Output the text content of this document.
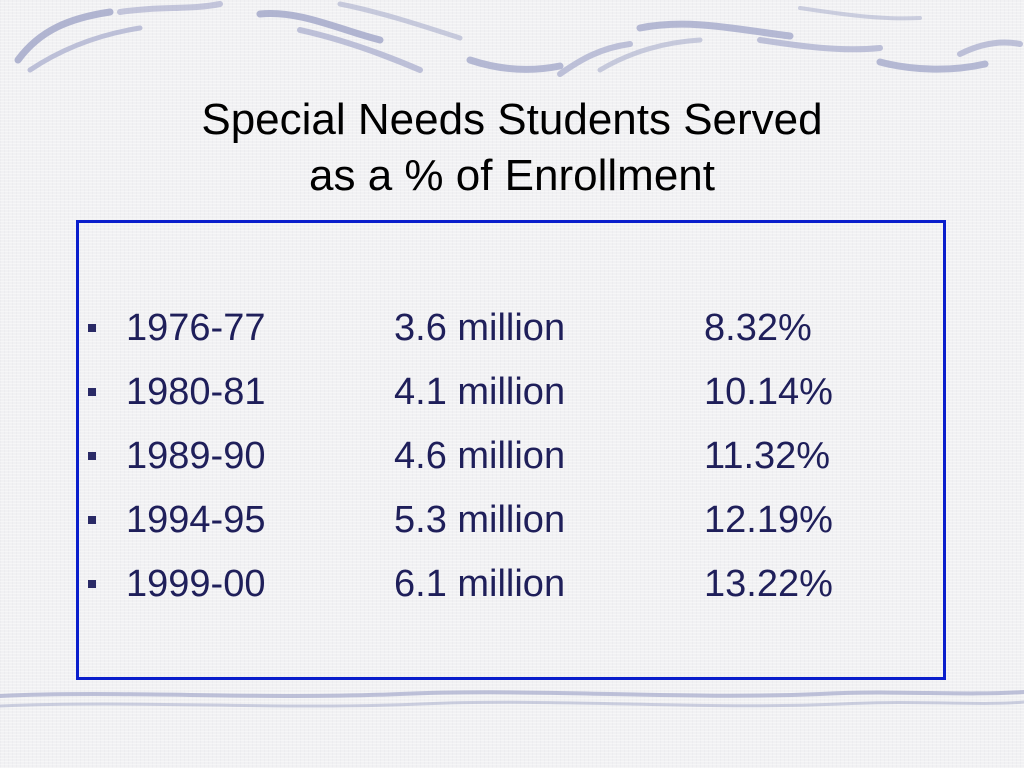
Special Needs Students Served
as a % of Enrollment
1976-77	3.6 million	8.32%
1980-81	4.1 million	10.14%
1989-90	4.6 million	11.32%
1994-95	5.3 million	12.19%
1999-00	6.1 million	13.22%
